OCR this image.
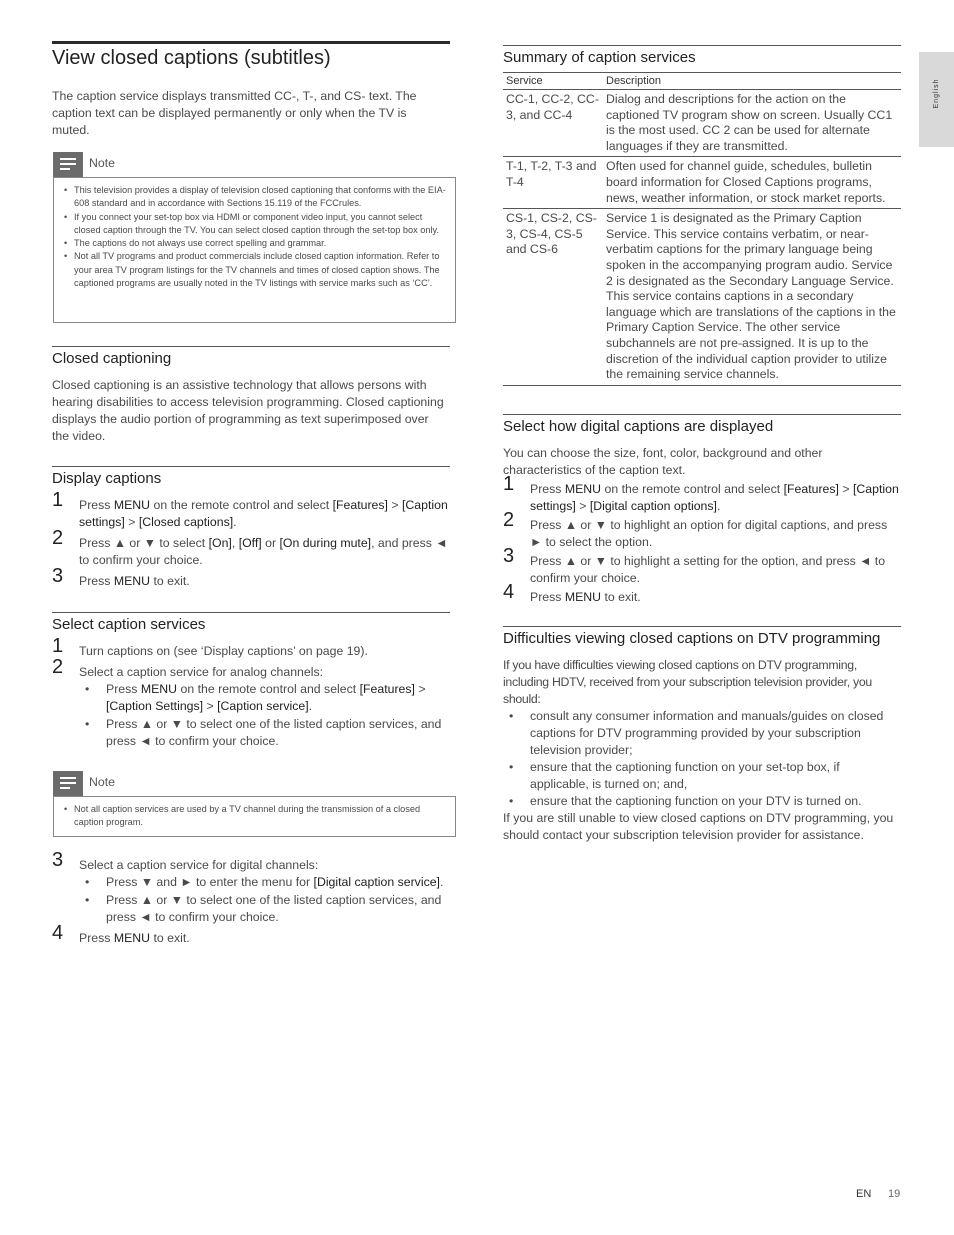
View closed captions (subtitles)
The caption service displays transmitted CC-, T-, and CS- text. The caption text can be displayed permanently or only when the TV is muted.
Note
• This television provides a display of television closed captioning that conforms with the EIA-608 standard and in accordance with Sections 15.119 of the FCCrules.
• If you connect your set-top box via HDMI or component video input, you cannot select closed caption through the TV. You can select closed caption through the set-top box only.
• The captions do not always use correct spelling and grammar.
• Not all TV programs and product commercials include closed caption information. Refer to your area TV program listings for the TV channels and times of closed caption shows. The captioned programs are usually noted in the TV listings with service marks such as ‘CC’.
Closed captioning
Closed captioning is an assistive technology that allows persons with hearing disabilities to access television programming. Closed captioning displays the audio portion of programming as text superimposed over the video.
Display captions
1 Press MENU on the remote control and select [Features] > [Caption settings] > [Closed captions].
2 Press ▲ or ▼ to select [On], [Off] or [On during mute], and press ◄ to confirm your choice.
3 Press MENU to exit.
Select caption services
1 Turn captions on (see ‘Display captions’ on page 19).
2 Select a caption service for analog channels:
• Press MENU on the remote control and select [Features] > [Caption Settings] > [Caption service].
• Press ▲ or ▼ to select one of the listed caption services, and press ◄ to confirm your choice.
Note
• Not all caption services are used by a TV channel during the transmission of a closed caption program.
3 Select a caption service for digital channels:
• Press ▼ and ► to enter the menu for [Digital caption service].
• Press ▲ or ▼ to select one of the listed caption services, and press ◄ to confirm your choice.
4 Press MENU to exit.
Summary of caption services
Service	Description
CC-1, CC-2, CC-3, and CC-4	Dialog and descriptions for the action on the captioned TV program show on screen. Usually CC1 is the most used. CC 2 can be used for alternate languages if they are transmitted.
T-1, T-2, T-3 and T-4	Often used for channel guide, schedules, bulletin board information for Closed Captions programs, news, weather information, or stock market reports.
CS-1, CS-2, CS-3, CS-4, CS-5 and CS-6	Service 1 is designated as the Primary Caption Service. This service contains verbatim, or near-verbatim captions for the primary language being spoken in the accompanying program audio. Service 2 is designated as the Secondary Language Service. This service contains captions in a secondary language which are translations of the captions in the Primary Caption Service. The other service subchannels are not pre-assigned. It is up to the discretion of the individual caption provider to utilize the remaining service channels.
Select how digital captions are displayed
You can choose the size, font, color, background and other characteristics of the caption text.
1 Press MENU on the remote control and select [Features] > [Caption settings] > [Digital caption options].
2 Press ▲ or ▼ to highlight an option for digital captions, and press ► to select the option.
3 Press ▲ or ▼ to highlight a setting for the option, and press ◄ to confirm your choice.
4 Press MENU to exit.
Difficulties viewing closed captions on DTV programming
If you have difficulties viewing closed captions on DTV programming, including HDTV, received from your subscription television provider, you should:
• consult any consumer information and manuals/guides on closed captions for DTV programming provided by your subscription television provider;
• ensure that the captioning function on your set-top box, if applicable, is turned on; and,
• ensure that the captioning function on your DTV is turned on.
If you are still unable to view closed captions on DTV programming, you should contact your subscription television provider for assistance.
English
EN 19
